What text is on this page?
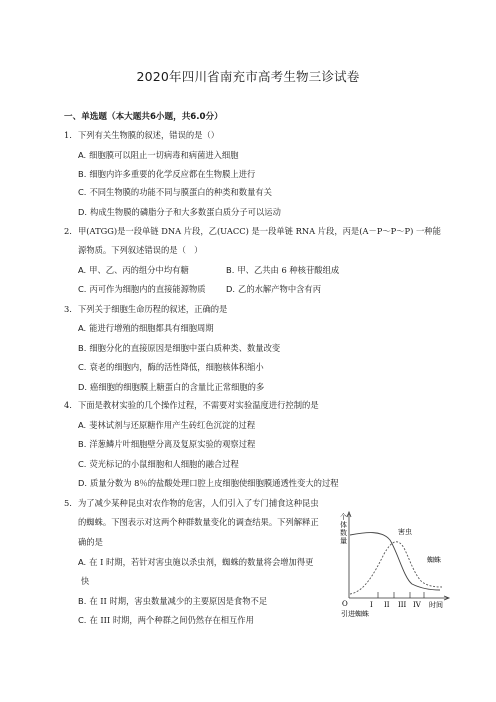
2020年四川省南充市高考生物三诊试卷
一、单选题（本大题共6小题，共6.0分）
1. 下列有关生物膜的叙述，错误的是（）
A. 细胞膜可以阻止一切病毒和病菌进入细胞
B. 细胞内许多重要的化学反应都在生物膜上进行
C. 不同生物膜的功能不同与膜蛋白的种类和数量有关
D. 构成生物膜的磷脂分子和大多数蛋白质分子可以运动
2. 甲(ATGG)是一段单链 DNA 片段，乙(UACC) 是一段单链 RNA 片段，丙是(A－P～P～P) 一种能
源物质。下列叙述错误的是（　）
A. 甲、乙、丙的组分中均有糖	B. 甲、乙共由 6 种核苷酸组成
C. 丙可作为细胞内的直接能源物质 D. 乙的水解产物中含有丙
3. 下列关于细胞生命历程的叙述，正确的是
A. 能进行增殖的细胞都具有细胞周期
B. 细胞分化的直接原因是细胞中蛋白质种类、数量改变
C. 衰老的细胞内，酶的活性降低，细胞核体积缩小
D. 癌细胞的细胞膜上糖蛋白的含量比正常细胞的多
4. 下面是教材实验的几个操作过程，不需要对实验温度进行控制的是
A. 斐林试剂与还原糖作用产生砖红色沉淀的过程
B. 洋葱鳞片叶细胞壁分离及复原实验的观察过程
C. 荧光标记的小鼠细胞和人细胞的融合过程
D. 质量分数为 8％的盐酸处理口腔上皮细胞使细胞膜通透性变大的过程
5. 为了减少某种昆虫对农作物的危害，人们引入了专门捕食这种昆虫
的蜘蛛。下图表示对这两个种群数量变化的调查结果。下列解释正
确的是
A. 在 I 时期，若针对害虫施以杀虫剂，蜘蛛的数量将会增加得更
快
B. 在 II 时期，害虫数量减少的主要原因是食物不足
C. 在 III 时期，两个种群之间仍然存在相互作用
个
体
数
量
O
害虫
蜘蛛
I II III IV 时间
引进蜘蛛
